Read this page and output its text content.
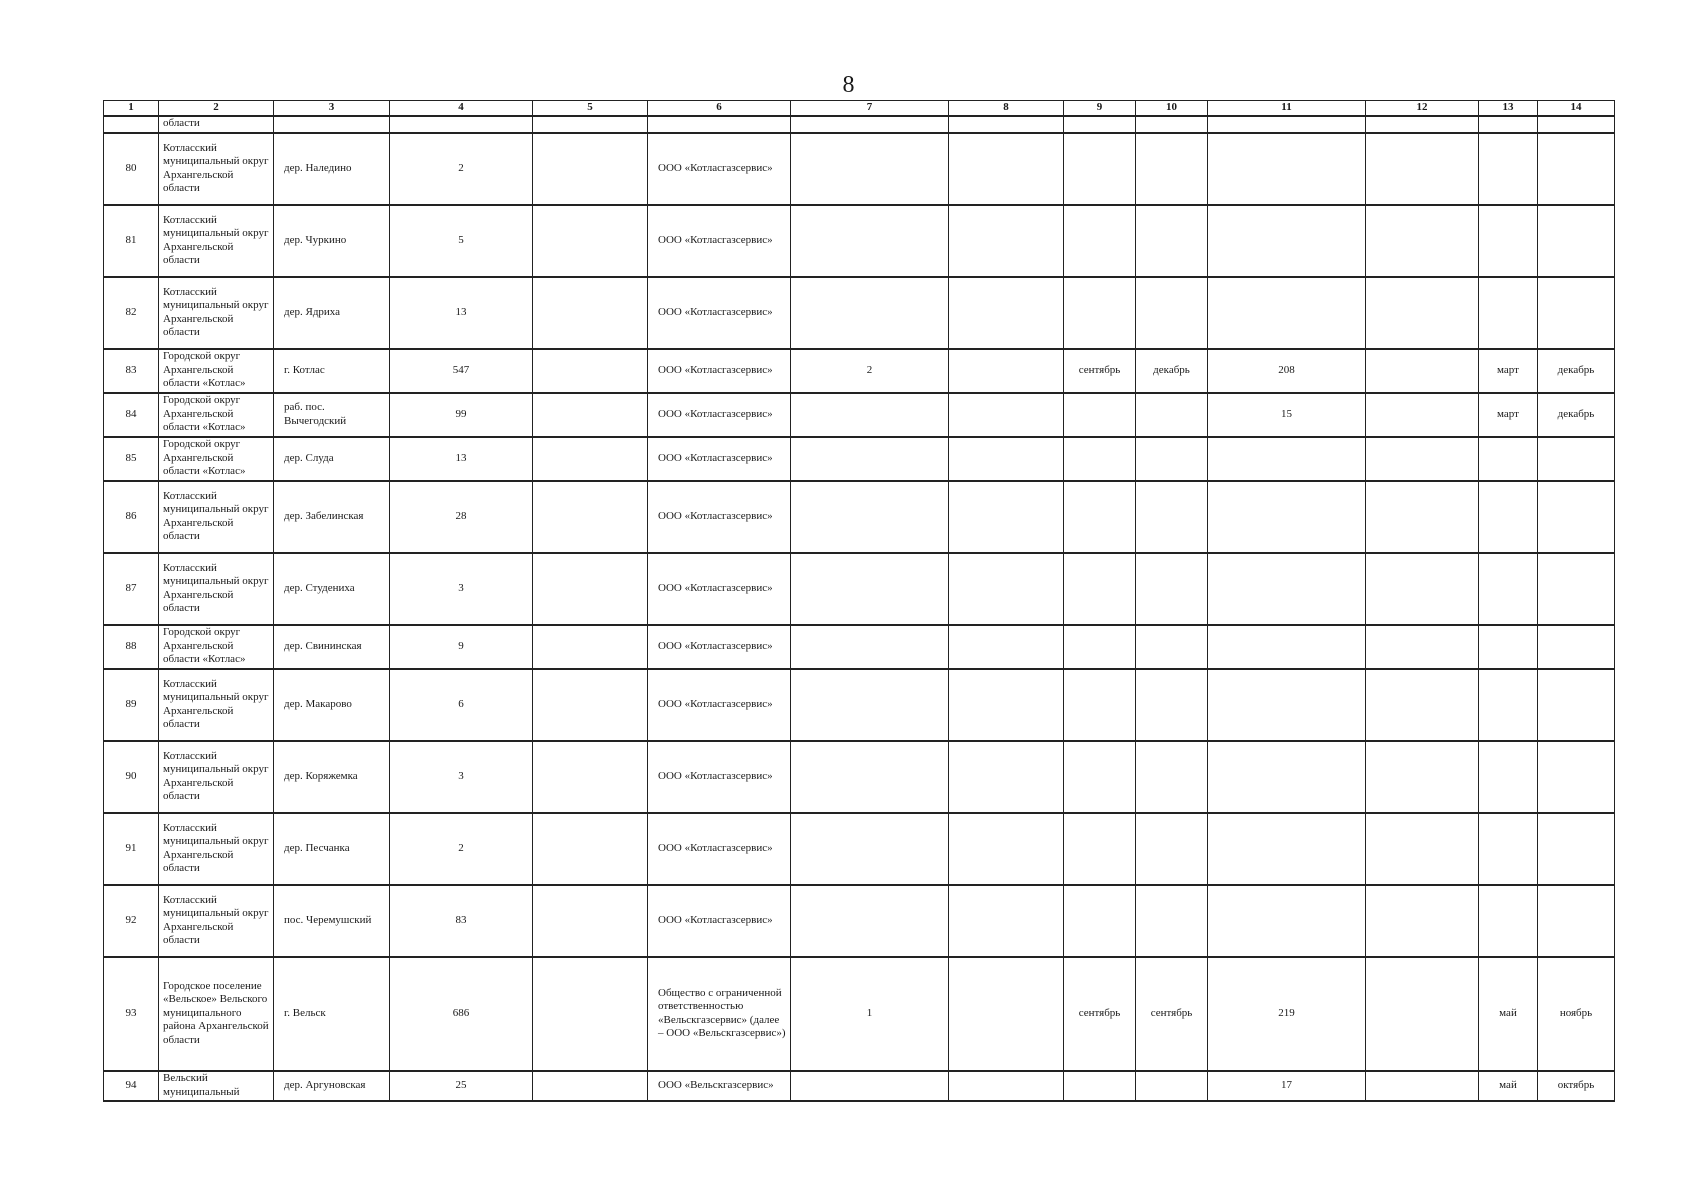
8
1	2	3	4	5	6	7	8	9	10	11	12	13	14
	области												
80	Котласский муниципальный округ Архангельской области	дер. Наледино	2		ООО «Котласгазсервис»								
81	Котласский муниципальный округ Архангельской области	дер. Чуркино	5		ООО «Котласгазсервис»								
82	Котласский муниципальный округ Архангельской области	дер. Ядриха	13		ООО «Котласгазсервис»								
83	Городской округ Архангельской области «Котлас»	г. Котлас	547		ООО «Котласгазсервис»	2		сентябрь	декабрь	208		март	декабрь
84	Городской округ Архангельской области «Котлас»	раб. пос. Вычегодский	99		ООО «Котласгазсервис»					15		март	декабрь
85	Городской округ Архангельской области «Котлас»	дер. Слуда	13		ООО «Котласгазсервис»								
86	Котласский муниципальный округ Архангельской области	дер. Забелинская	28		ООО «Котласгазсервис»								
87	Котласский муниципальный округ Архангельской области	дер. Студениха	3		ООО «Котласгазсервис»								
88	Городской округ Архангельской области «Котлас»	дер. Свининская	9		ООО «Котласгазсервис»								
89	Котласский муниципальный округ Архангельской области	дер. Макарово	6		ООО «Котласгазсервис»								
90	Котласский муниципальный округ Архангельской области	дер. Коряжемка	3		ООО «Котласгазсервис»								
91	Котласский муниципальный округ Архангельской области	дер. Песчанка	2		ООО «Котласгазсервис»								
92	Котласский муниципальный округ Архангельской области	пос. Черемушский	83		ООО «Котласгазсервис»								
93	Городское поселение «Вельское» Вельского муниципального района Архангельской области	г. Вельск	686		Общество с ограниченной ответственностью «Вельскгазсервис» (далее – ООО «Вельскгазсервис»)	1		сентябрь	сентябрь	219		май	ноябрь
94	Вельский муниципальный	дер. Аргуновская	25		ООО «Вельскгазсервис»					17		май	октябрь
